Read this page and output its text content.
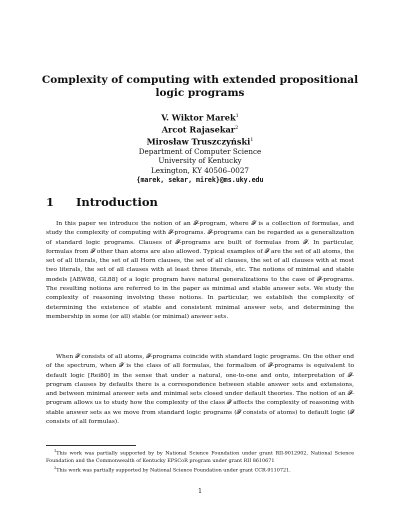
Complexity of computing with extended propositional logic programs
V. Wiktor Marek$^1$
Arcot Rajasekar$^2$
Mirosław Truszczyński$^1$
Department of Computer Science
University of Kentucky
Lexington, KY 40506–0027
{marek, sekar, mirek}@ms.uky.edu
1 Introduction

In this paper we introduce the notion of an 𝓕-program, where 𝓕 is a collection of formulas, and study the complexity of computing with 𝓕-programs. 𝓕-programs can be regarded as a generalization of standard logic programs. Clauses of 𝓕-programs are built of formulas from 𝓕. In particular, formulas from 𝓕 other than atoms are also allowed. Typical examples of 𝓕 are the set of all atoms, the set of all literals, the set of all Horn clauses, the set of all clauses, the set of all clauses with at most two literals, the set of all clauses with at least three literals, etc. The notions of minimal and stable models [ABW88, GL88] of a logic program have natural generalizations to the case of 𝓕-programs. The resulting notions are referred to in the paper as minimal and stable answer sets. We study the complexity of reasoning involving these notions. In particular, we establish the complexity of determining the existence of stable and consistent minimal answer sets, and determining the membership in some (or all) stable (or minimal) answer sets.

When 𝓕 consists of all atoms, 𝓕-programs coincide with standard logic programs. On the other end of the spectrum, when 𝓕 is the class of all formulas, the formalism of 𝓕-programs is equivalent to default logic [Rei80] in the sense that under a natural, one-to-one and onto, interpretation of 𝓕-program clauses by defaults there is a correspondence between stable answer sets and extensions, and between minimal answer sets and minimal sets closed under default theories. The notion of an 𝓕-program allows us to study how the complexity of the class 𝓕 affects the complexity of reasoning with stable answer sets as we move from standard logic programs (𝓕 consists of atoms) to default logic (𝓕 consists of all formulas).

$^1$This work was partially supported by by National Science Foundation under grant RII-9012902, National Science Foundation and the Commonwealth of Kentucky EPSCoR program under grant RII 8610671
$^2$This work was partially supported by National Science Foundation under grant CCR-9110721.
1
